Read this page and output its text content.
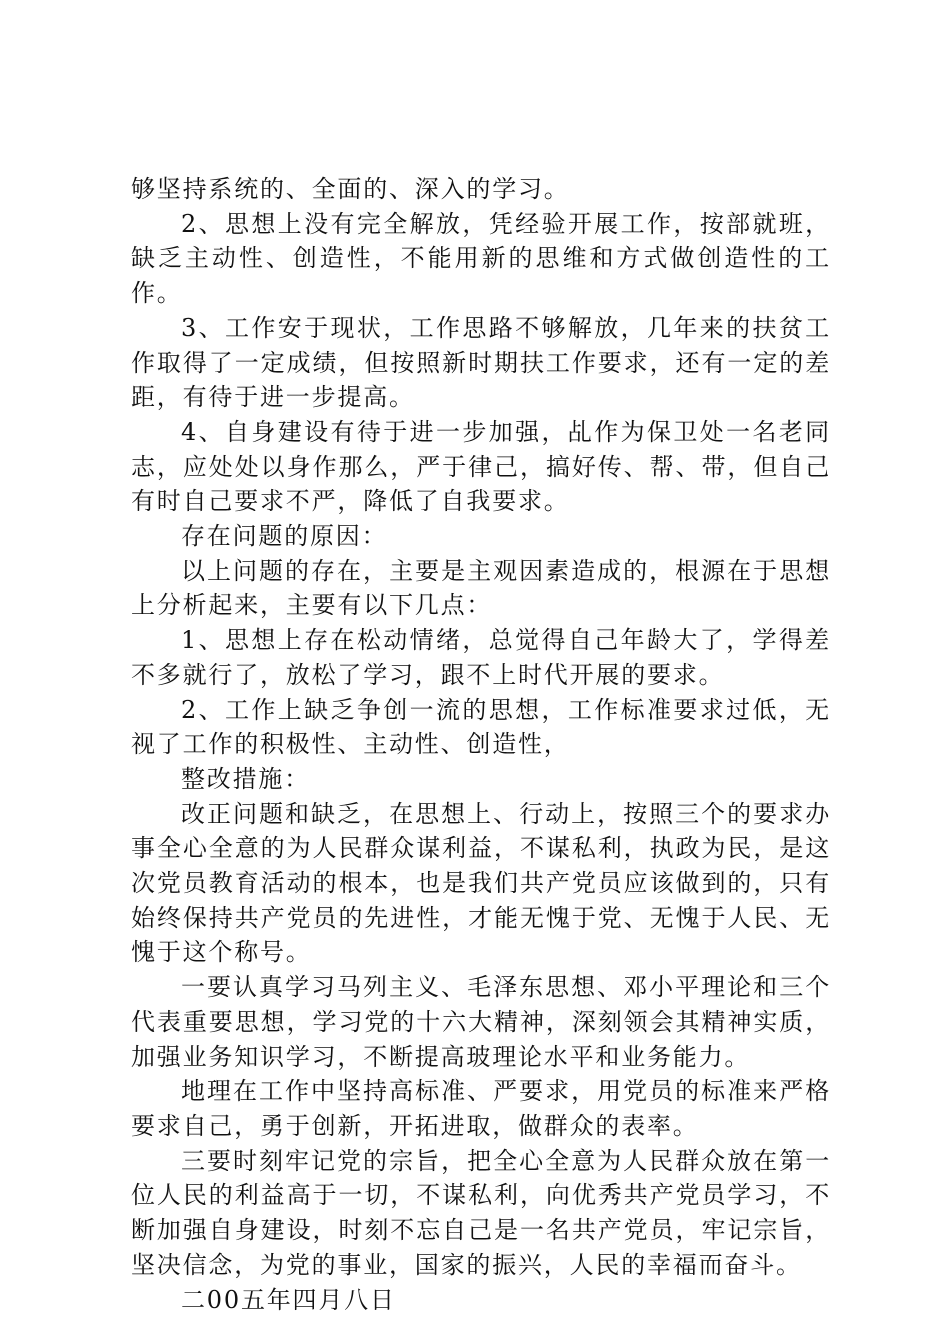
够坚持系统的、全面的、深入的学习。

2、思想上没有完全解放，凭经验开展工作，按部就班，缺乏主动性、创造性，不能用新的思维和方式做创造性的工作。

3、工作安于现状，工作思路不够解放，几年来的扶贫工作取得了一定成绩，但按照新时期扶工作要求，还有一定的差距，有待于进一步提高。

4、自身建设有待于进一步加强，乩作为保卫处一名老同志，应处处以身作那么，严于律己，搞好传、帮、带，但自己有时自己要求不严，降低了自我要求。

存在问题的原因：

以上问题的存在，主要是主观因素造成的，根源在于思想上分析起来，主要有以下几点：

1、思想上存在松动情绪，总觉得自己年龄大了，学得差不多就行了，放松了学习，跟不上时代开展的要求。

2、工作上缺乏争创一流的思想，工作标准要求过低，无视了工作的积极性、主动性、创造性，

整改措施：

改正问题和缺乏，在思想上、行动上，按照三个的要求办事全心全意的为人民群众谋利益，不谋私利，执政为民，是这次党员教育活动的根本，也是我们共产党员应该做到的，只有始终保持共产党员的先进性，才能无愧于党、无愧于人民、无愧于这个称号。

一要认真学习马列主义、毛泽东思想、邓小平理论和三个代表重要思想，学习党的十六大精神，深刻领会其精神实质，加强业务知识学习，不断提高玻理论水平和业务能力。

地理在工作中坚持高标准、严要求，用党员的标准来严格要求自己，勇于创新，开拓进取，做群众的表率。

三要时刻牢记党的宗旨，把全心全意为人民群众放在第一位人民的利益高于一切，不谋私利，向优秀共产党员学习，不断加强自身建设，时刻不忘自己是一名共产党员，牢记宗旨，坚决信念，为党的事业，国家的振兴，人民的幸福而奋斗。

二00五年四月八日
